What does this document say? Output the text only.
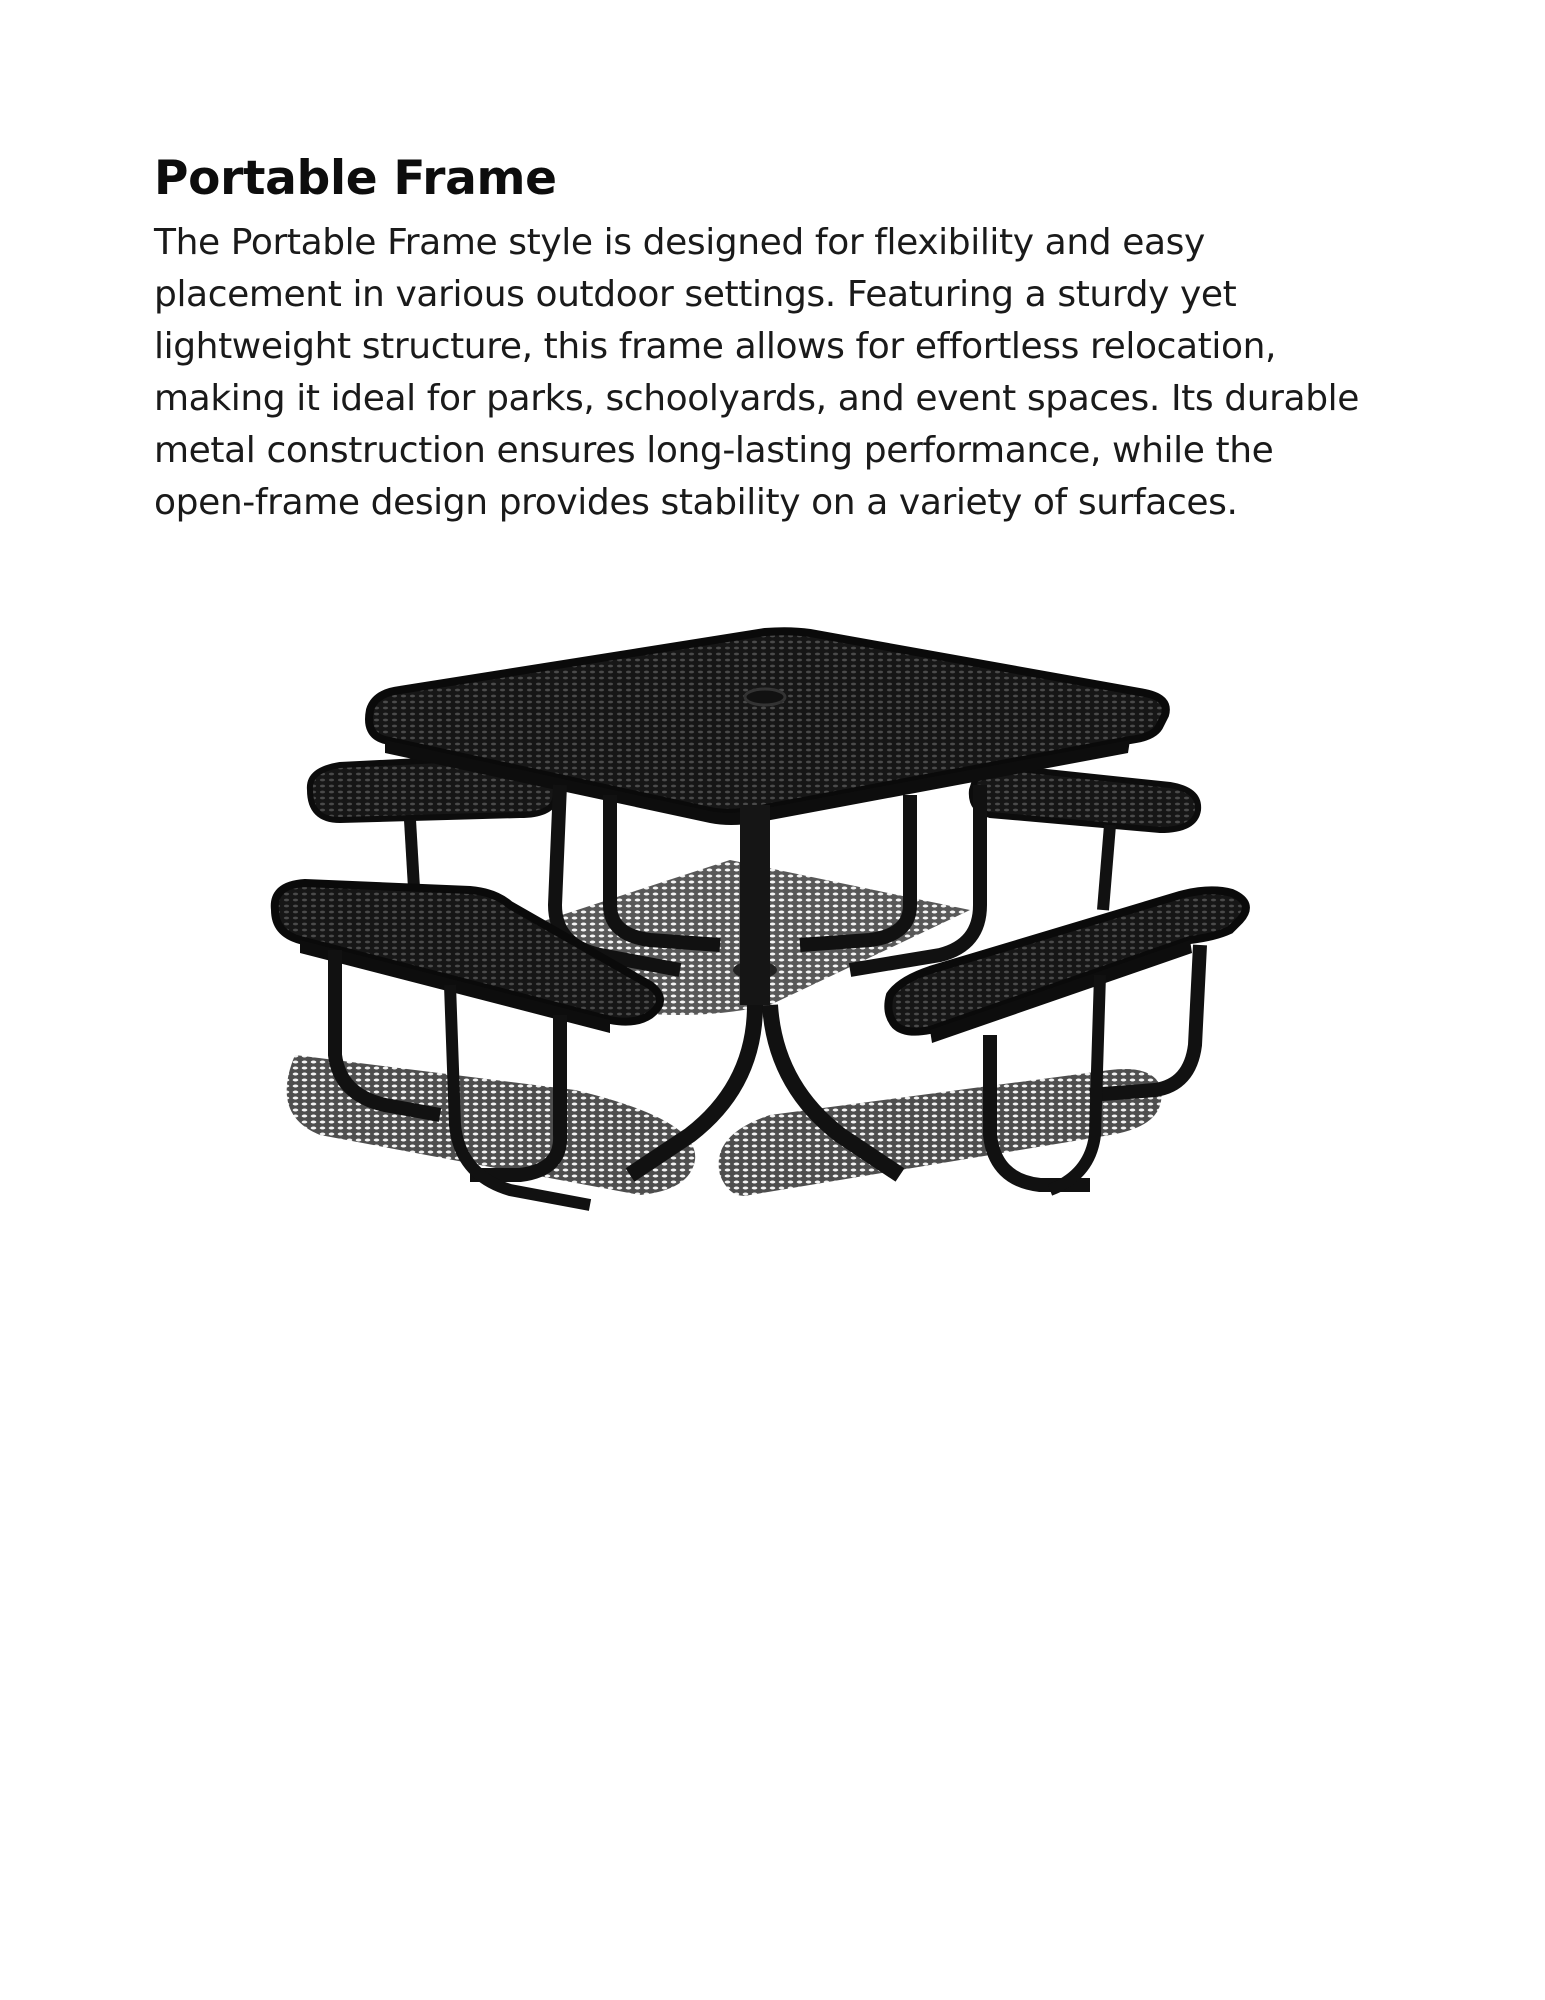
Portable Frame

The Portable Frame style is designed for flexibility and easy placement in various outdoor settings. Featuring a sturdy yet lightweight structure, this frame allows for effortless relocation, making it ideal for parks, schoolyards, and event spaces. Its durable metal construction ensures long-lasting performance, while the open-frame design provides stability on a variety of surfaces.
